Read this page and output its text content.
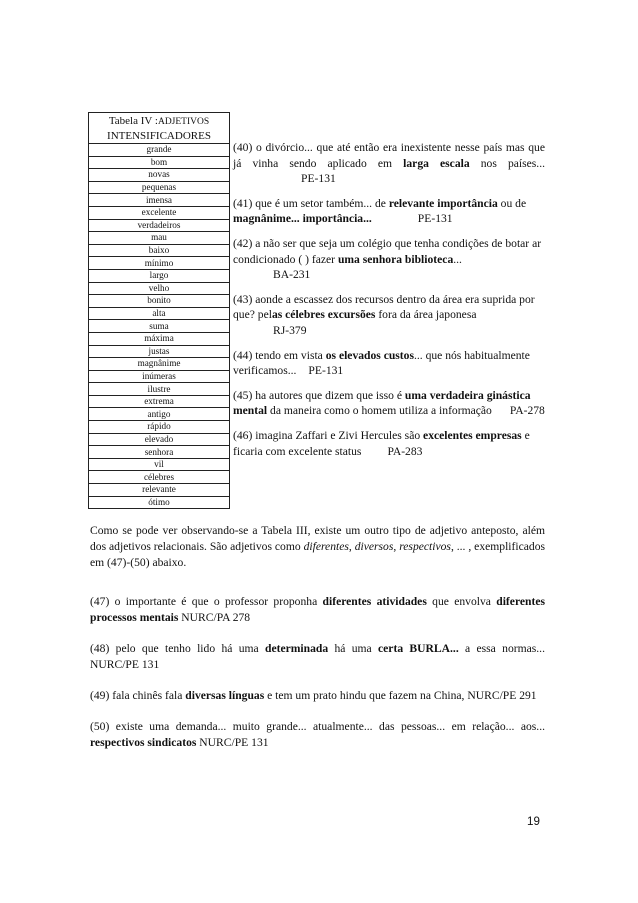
Tabela IV :ADJETIVOS
INTENSIFICADORES
grande
bom
novas
pequenas
imensa
excelente
verdadeiros
mau
baixo
mínimo
largo
velho
bonito
alta
suma
máxima
justas
magnânime
inúmeras
ilustre
extrema
antigo
rápido
elevado
senhora
vil
célebres
relevante
ótimo

(40) o divórcio... que até então era inexistente nesse país mas que já vinha sendo aplicado em larga escala nos países...PE-131

(41) que é um setor também... de relevante importância ou de magnânime... importância...	PE-131

(42) a não ser que seja um colégio que tenha condições de botar ar condicionado ( ) fazer uma senhora biblioteca...
BA-231

(43) aonde a escassez dos recursos dentro da área era suprida por que? pelas célebres excursões fora da área japonesa
RJ-379

(44) tendo em vista os elevados custos... que nós habitualmente verificamos... PE-131

(45) ha autores que dizem que isso é uma verdadeira ginástica mental da maneira como o homem utiliza a informação PA-278

(46) imagina Zaffari e Zivi Hercules são excelentes empresas e ficaria com excelente status PA-283

Como se pode ver observando-se a Tabela III, existe um outro tipo de adjetivo anteposto, além dos adjetivos relacionais. São adjetivos como diferentes, diversos, respectivos, ... , exemplificados em (47)-(50) abaixo.

(47) o importante é que o professor proponha diferentes atividades que envolva diferentes processos mentais NURC/PA 278

(48) pelo que tenho lido há uma determinada há uma certa BURLA... a essa normas... NURC/PE 131

(49) fala chinês fala diversas línguas e tem um prato hindu que fazem na China, NURC/PE 291

(50) existe uma demanda... muito grande... atualmente... das pessoas... em relação... aos... respectivos sindicatos NURC/PE 131

19
